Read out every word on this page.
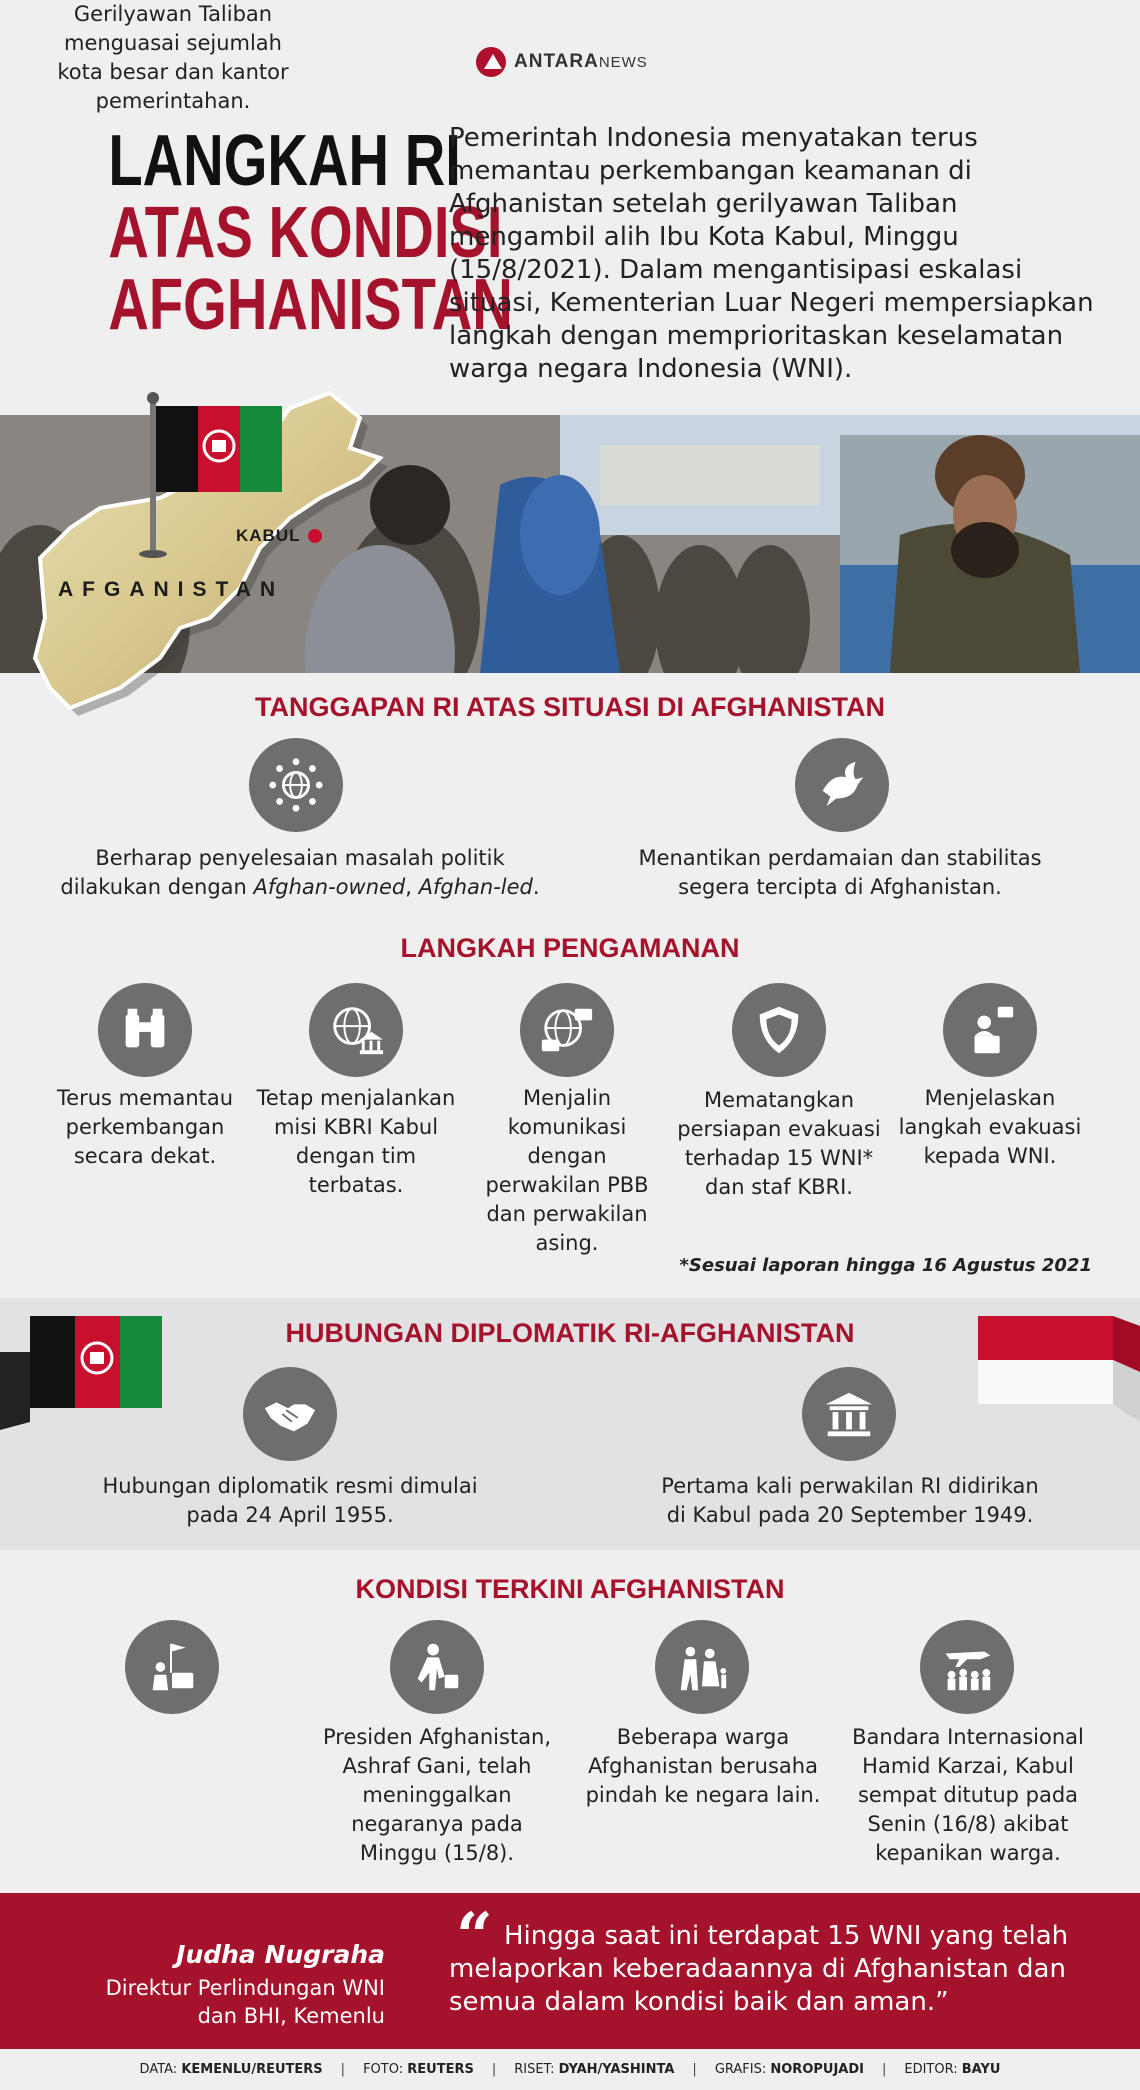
ANTARANEWS
LANGKAH RI
ATAS KONDISI
AFGHANISTAN
Pemerintah Indonesia menyatakan terus memantau perkembangan keamanan di Afghanistan setelah gerilyawan Taliban mengambil alih Ibu Kota Kabul, Minggu (15/8/2021). Dalam mengantisipasi eskalasi situasi, Kementerian Luar Negeri mempersiapkan langkah dengan memprioritaskan keselamatan warga negara Indonesia (WNI).
KABUL
AFGANISTAN
TANGGAPAN RI ATAS SITUASI DI AFGHANISTAN
Berharap penyelesaian masalah politik
dilakukan dengan Afghan-owned, Afghan-led.
Menantikan perdamaian dan stabilitas
segera tercipta di Afghanistan.
LANGKAH PENGAMANAN
Terus memantau perkembangan secara dekat.
Tetap menjalankan misi KBRI Kabul dengan tim terbatas.
Menjalin komunikasi dengan perwakilan PBB dan perwakilan asing.
Mematangkan persiapan evakuasi terhadap 15 WNI* dan staf KBRI.
Menjelaskan langkah evakuasi kepada WNI.
*Sesuai laporan hingga 16 Agustus 2021
HUBUNGAN DIPLOMATIK RI-AFGHANISTAN
Hubungan diplomatik resmi dimulai
pada 24 April 1955.
Pertama kali perwakilan RI didirikan
di Kabul pada 20 September 1949.
KONDISI TERKINI AFGHANISTAN
Gerilyawan Taliban menguasai sejumlah kota besar dan kantor pemerintahan.
Presiden Afghanistan, Ashraf Gani, telah meninggalkan negaranya pada Minggu (15/8).
Beberapa warga Afghanistan berusaha pindah ke negara lain.
Bandara Internasional Hamid Karzai, Kabul sempat ditutup pada Senin (16/8) akibat kepanikan warga.
Judha Nugraha
Direktur Perlindungan WNI
dan BHI, Kemenlu
“ Hingga saat ini terdapat 15 WNI yang telah melaporkan keberadaannya di Afghanistan dan semua dalam kondisi baik dan aman.”
DATA: KEMENLU/REUTERS | FOTO: REUTERS | RISET: DYAH/YASHINTA | GRAFIS: NOROPUJADI | EDITOR: BAYU
